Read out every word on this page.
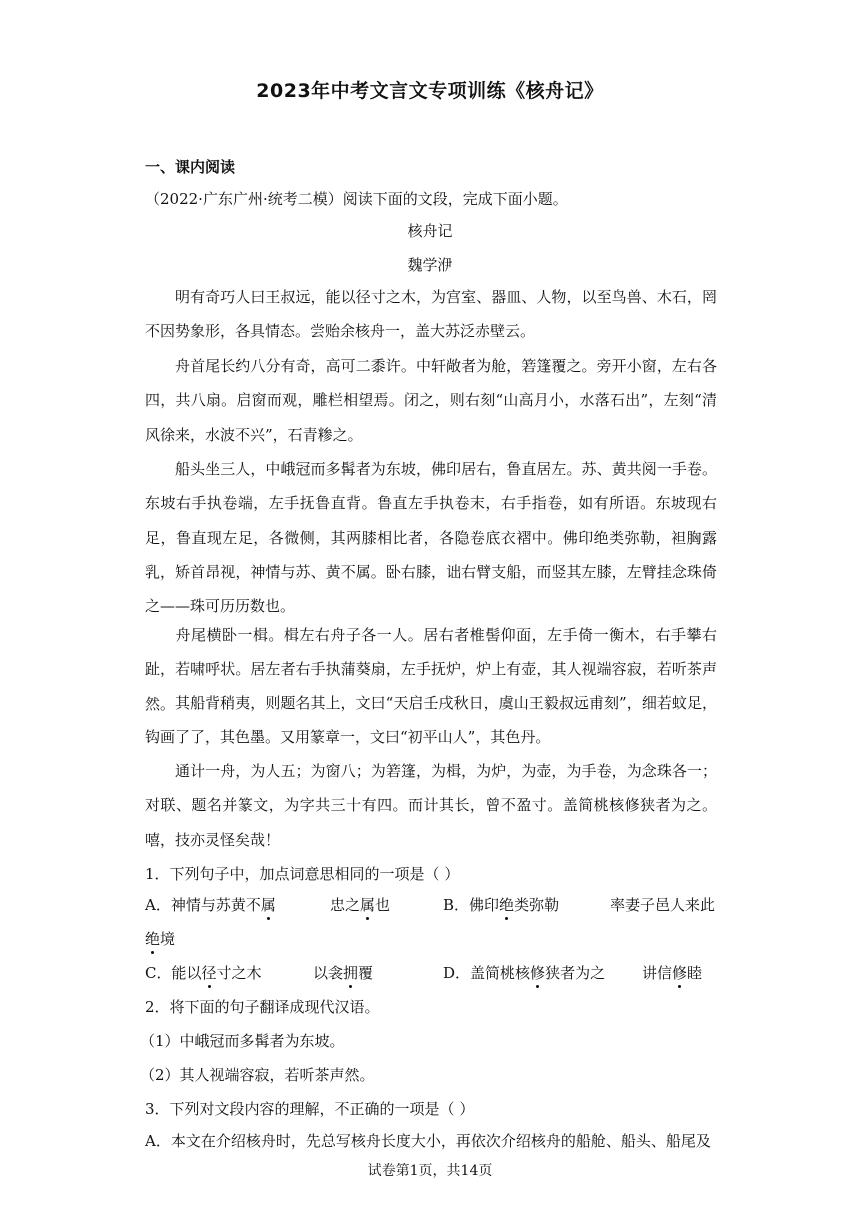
2023年中考文言文专项训练《核舟记》
一、课内阅读
（2022·广东广州·统考二模）阅读下面的文段，完成下面小题。
核舟记
魏学洢
明有奇巧人曰王叔远，能以径寸之木，为宫室、器皿、人物，以至鸟兽、木石，罔不因势象形，各具情态。尝贻余核舟一，盖大苏泛赤壁云。
舟首尾长约八分有奇，高可二黍许。中轩敞者为舱，箬篷覆之。旁开小窗，左右各四，共八扇。启窗而观，雕栏相望焉。闭之，则右刻“山高月小，水落石出”，左刻“清风徐来，水波不兴”，石青糁之。
船头坐三人，中峨冠而多髯者为东坡，佛印居右，鲁直居左。苏、黄共阅一手卷。东坡右手执卷端，左手抚鲁直背。鲁直左手执卷末，右手指卷，如有所语。东坡现右足，鲁直现左足，各微侧，其两膝相比者，各隐卷底衣褶中。佛印绝类弥勒，袒胸露乳，矫首昂视，神情与苏、黄不属。卧右膝，诎右臂支船，而竖其左膝，左臂挂念珠倚之——珠可历历数也。
舟尾横卧一楫。楫左右舟子各一人。居右者椎髻仰面，左手倚一衡木，右手攀右趾，若啸呼状。居左者右手执蒲葵扇，左手抚炉，炉上有壶，其人视端容寂，若听茶声然。 其船背稍夷，则题名其上，文曰“天启壬戌秋日，虞山王毅叔远甫刻”，细若蚊足，钩画了了，其色墨。又用篆章一，文曰“初平山人”，其色丹。
通计一舟，为人五；为窗八；为箬篷，为楫，为炉，为壶，为手卷，为念珠各一；对联、题名并篆文，为字共三十有四。而计其长，曾不盈寸。盖简桃核修狭者为之。嘻，技亦灵怪矣哉！
1．下列句子中，加点词意思相同的一项是（ ）
A．神情与苏黄不属	忠之属也	B．佛印绝类弥勒	率妻子邑人来此
绝境
C．能以径寸之木	以衾拥覆	D．盖简桃核修狭者为之 讲信修睦
2．将下面的句子翻译成现代汉语。
（1）中峨冠而多髯者为东坡。
（2）其人视端容寂，若听茶声然。
3．下列对文段内容的理解，不正确的一项是（ ）
A．本文在介绍核舟时，先总写核舟长度大小，再依次介绍核舟的船舱、船头、船尾及
试卷第1页，共14页
